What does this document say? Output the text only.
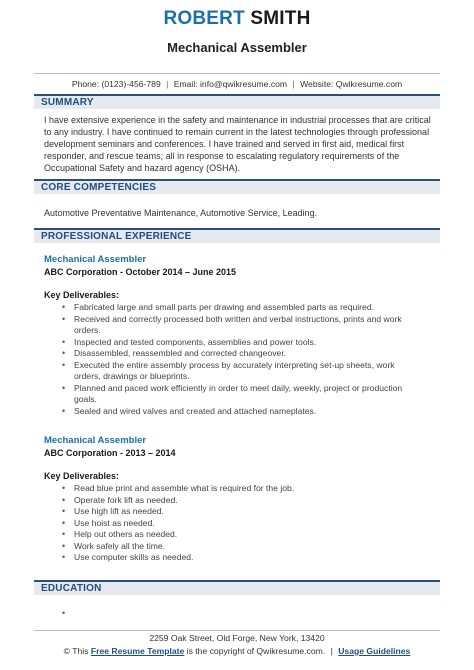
ROBERT SMITH
Mechanical Assembler
Phone: (0123)-456-789 | Email: info@qwikresume.com | Website: Qwikresume.com
SUMMARY
I have extensive experience in the safety and maintenance in industrial processes that are critical to any industry. I have continued to remain current in the latest technologies through professional development seminars and conferences. I have trained and served in first aid, medical first responder, and rescue teams; all in response to escalating regulatory requirements of the Occupational Safety and hazard agency (OSHA).
CORE COMPETENCIES
Automotive Preventative Maintenance, Automotive Service, Leading.
PROFESSIONAL EXPERIENCE
Mechanical Assembler
ABC Corporation - October 2014 – June 2015
Key Deliverables:
• Fabricated large and small parts per drawing and assembled parts as required.
• Received and correctly processed both written and verbal instructions, prints and work orders.
• Inspected and tested components, assemblies and power tools.
• Disassembled, reassembled and corrected changeover.
• Executed the entire assembly process by accurately interpreting set-up sheets, work orders, drawings or blueprints.
• Planned and paced work efficiently in order to meet daily, weekly, project or production goals.
• Sealed and wired valves and created and attached nameplates.
Mechanical Assembler
ABC Corporation - 2013 – 2014
Key Deliverables:
• Read blue print and assemble what is required for the job.
• Operate fork lift as needed.
• Use high lift as needed.
• Use hoist as needed.
• Help out others as needed.
• Work safely all the time.
• Use computer skills as needed.
EDUCATION
2259 Oak Street, Old Forge, New York, 13420
© This Free Resume Template is the copyright of Qwikresume.com. | Usage Guidelines
